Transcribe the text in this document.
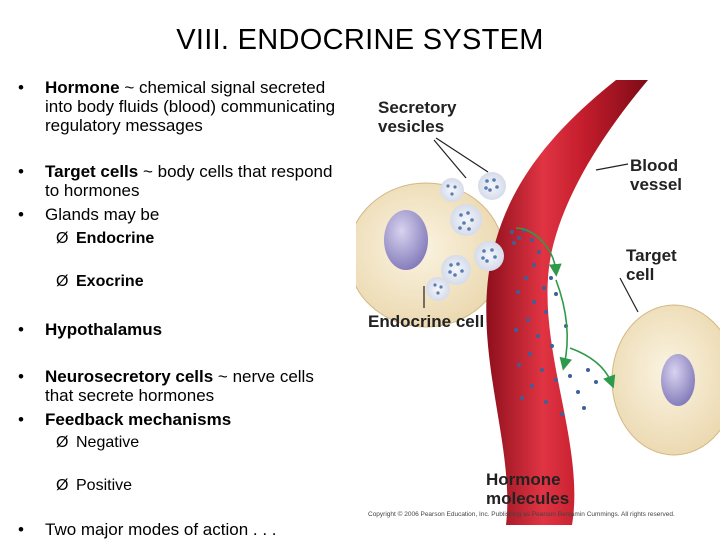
VIII. ENDOCRINE SYSTEM
• Hormone ~ chemical signal secreted into body fluids (blood) communicating regulatory messages
• Target cells ~ body cells that respond to hormones
• Glands may be
Ø Endocrine
Ø Exocrine
• Hypothalamus
• Neurosecretory cells ~ nerve cells that secrete hormones
• Feedback mechanisms
Ø Negative
Ø Positive
• Two major modes of action . . .
Secretory
vesicles
Blood
vessel
Target
cell
Endocrine cell
Hormone
molecules
Copyright © 2006 Pearson Education, Inc. Publishing as Pearson Benjamin Cummings. All rights reserved.
